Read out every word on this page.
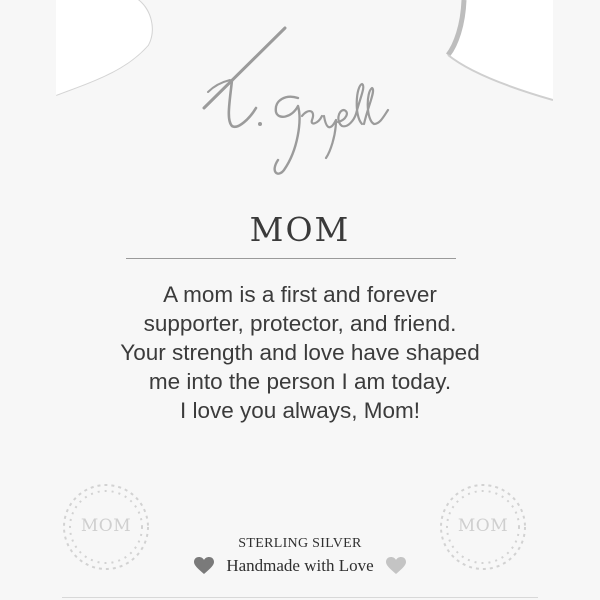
MOM
A mom is a first and forever
supporter, protector, and friend.
Your strength and love have shaped
me into the person I am today.
I love you always, Mom!
MOM	MOM
STERLING SILVER
Handmade with Love
